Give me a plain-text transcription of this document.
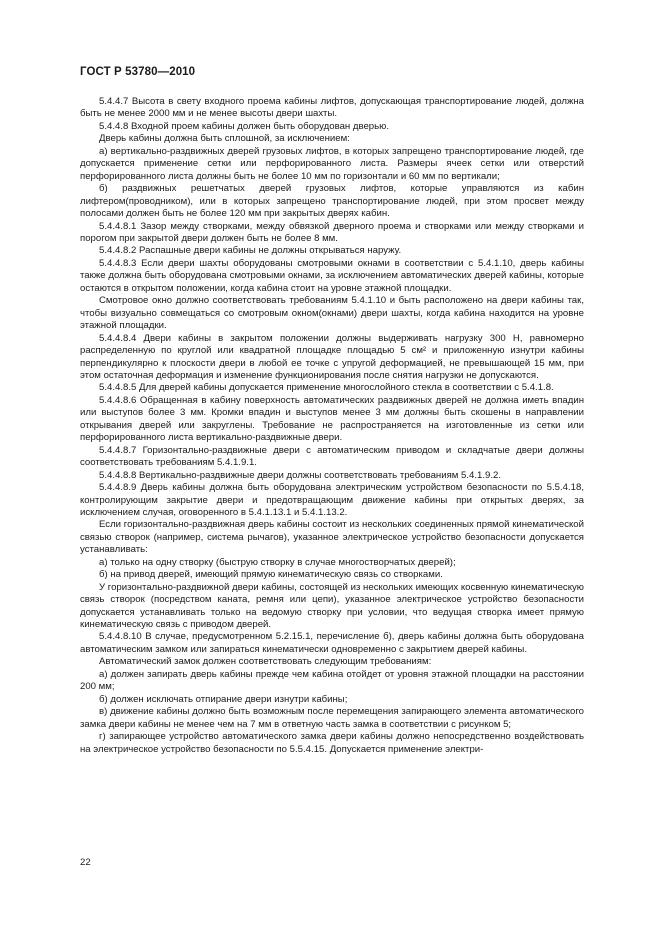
ГОСТ Р 53780—2010

5.4.4.7 Высота в свету входного проема кабины лифтов, допускающая транспортирование людей, должна быть не менее 2000 мм и не менее высоты двери шахты.

5.4.4.8 Входной проем кабины должен быть оборудован дверью.

Дверь кабины должна быть сплошной, за исключением:

а) вертикально-раздвижных дверей грузовых лифтов, в которых запрещено транспортирование людей, где допускается применение сетки или перфорированного листа. Размеры ячеек сетки или отверстий перфорированного листа должны быть не более 10 мм по горизонтали и 60 мм по вертикали;

б) раздвижных решетчатых дверей грузовых лифтов, которые управляются из кабин лифтером(проводником), или в которых запрещено транспортирование людей, при этом просвет между полосами должен быть не более 120 мм при закрытых дверях кабин.

5.4.4.8.1 Зазор между створками, между обвязкой дверного проема и створками или между створками и порогом при закрытой двери должен быть не более 8 мм.

5.4.4.8.2 Распашные двери кабины не должны открываться наружу.

5.4.4.8.3 Если двери шахты оборудованы смотровыми окнами в соответствии с 5.4.1.10, дверь кабины также должна быть оборудована смотровыми окнами, за исключением автоматических дверей кабины, которые остаются в открытом положении, когда кабина стоит на уровне этажной площадки.

Смотровое окно должно соответствовать требованиям 5.4.1.10 и быть расположено на двери кабины так, чтобы визуально совмещаться со смотровым окном(окнами) двери шахты, когда кабина находится на уровне этажной площадки.

5.4.4.8.4 Двери кабины в закрытом положении должны выдерживать нагрузку 300 Н, равномерно распределенную по круглой или квадратной площадке площадью 5 см² и приложенную изнутри кабины перпендикулярно к плоскости двери в любой ее точке с упругой деформацией, не превышающей 15 мм, при этом остаточная деформация и изменение функционирования после снятия нагрузки не допускаются.

5.4.4.8.5 Для дверей кабины допускается применение многослойного стекла в соответствии с 5.4.1.8.

5.4.4.8.6 Обращенная в кабину поверхность автоматических раздвижных дверей не должна иметь впадин или выступов более 3 мм. Кромки впадин и выступов менее 3 мм должны быть скошены в направлении открывания дверей или закруглены. Требование не распространяется на изготовленные из сетки или перфорированного листа вертикально-раздвижные двери.

5.4.4.8.7 Горизонтально-раздвижные двери с автоматическим приводом и складчатые двери должны соответствовать требованиям 5.4.1.9.1.

5.4.4.8.8 Вертикально-раздвижные двери должны соответствовать требованиям 5.4.1.9.2.

5.4.4.8.9 Дверь кабины должна быть оборудована электрическим устройством безопасности по 5.5.4.18, контролирующим закрытие двери и предотвращающим движение кабины при открытых дверях, за исключением случая, оговоренного в 5.4.1.13.1 и 5.4.1.13.2.

Если горизонтально-раздвижная дверь кабины состоит из нескольких соединенных прямой кинематической связью створок (например, система рычагов), указанное электрическое устройство безопасности допускается устанавливать:

а) только на одну створку (быструю створку в случае многостворчатых дверей);

б) на привод дверей, имеющий прямую кинематическую связь со створками.

У горизонтально-раздвижной двери кабины, состоящей из нескольких имеющих косвенную кинематическую связь створок (посредством каната, ремня или цепи), указанное электрическое устройство безопасности допускается устанавливать только на ведомую створку при условии, что ведущая створка имеет прямую кинематическую связь с приводом дверей.

5.4.4.8.10 В случае, предусмотренном 5.2.15.1, перечисление б), дверь кабины должна быть оборудована автоматическим замком или запираться кинематически одновременно с закрытием дверей кабины.

Автоматический замок должен соответствовать следующим требованиям:

а) должен запирать дверь кабины прежде чем кабина отойдет от уровня этажной площадки на расстоянии 200 мм;

б) должен исключать отпирание двери изнутри кабины;

в) движение кабины должно быть возможным после перемещения запирающего элемента автоматического замка двери кабины не менее чем на 7 мм в ответную часть замка в соответствии с рисунком 5;

г) запирающее устройство автоматического замка двери кабины должно непосредственно воздействовать на электрическое устройство безопасности по 5.5.4.15. Допускается применение электри-

22
